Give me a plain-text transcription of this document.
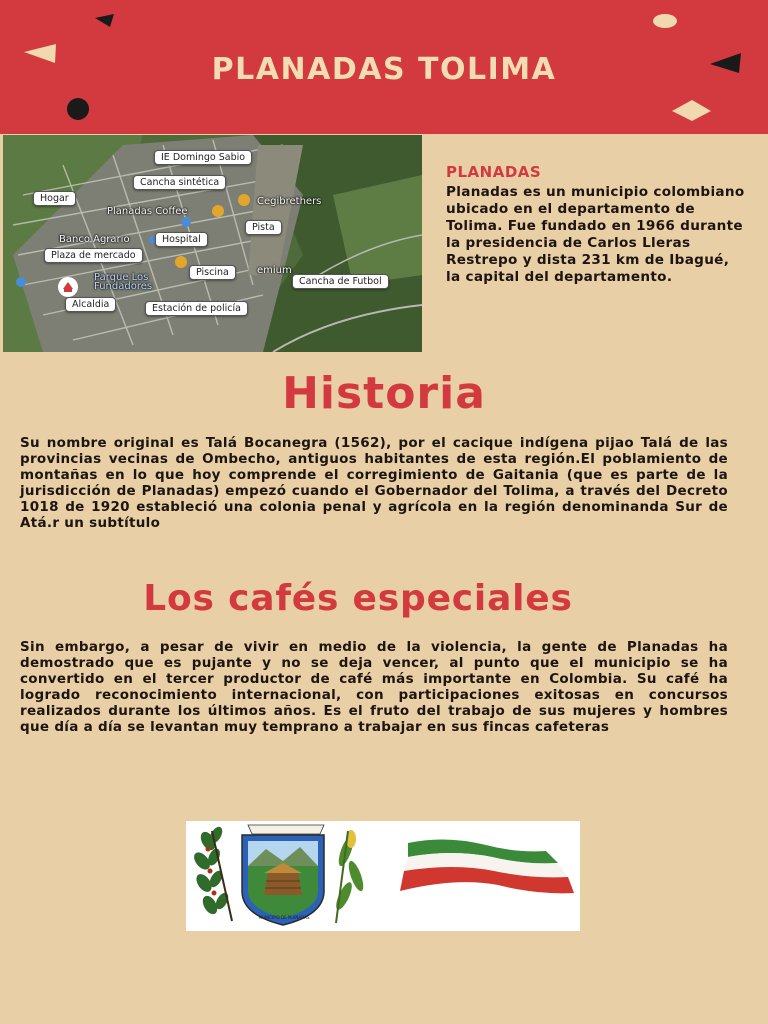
PLANADAS TOLIMA
Planadas Coffee
Cegibrethers
Banco Agrario
Parque Los
Fundadores
emium
IE Domingo Sabio
Cancha sintética
Hogar
Hospital
Pista
Plaza de mercado
Piscina
Cancha de Futbol
Alcaldia	Estación de policía
PLANADAS
Planadas es un municipio colombiano ubicado en el departamento de Tolima. Fue fundado en 1966 durante la presidencia de Carlos Lleras Restrepo y dista 231 km de Ibagué, la capital del departamento.
Historia
Su nombre original es Talá Bocanegra (1562), por el cacique indígena pijao Talá de las provincias vecinas de Ombecho, antiguos habitantes de esta región.El poblamiento de montañas en lo que hoy comprende el corregimiento de Gaitania (que es parte de la jurisdicción de Planadas) empezó cuando el Gobernador del Tolima, a través del Decreto 1018 de 1920 estableció una colonia penal y agrícola en la región denominanda Sur de Atá.r un subtítulo
Los cafés especiales
Sin embargo, a pesar de vivir en medio de la violencia, la gente de Planadas ha demostrado que es pujante y no se deja vencer, al punto que el municipio se ha convertido en el tercer productor de café más importante en Colombia. Su café ha logrado reconocimiento internacional, con participaciones exitosas en concursos realizados durante los últimos años. Es el fruto del trabajo de sus mujeres y hombres que día a día se levantan muy temprano a trabajar en sus fincas cafeteras
MUNICIPIO DE PLANADAS
